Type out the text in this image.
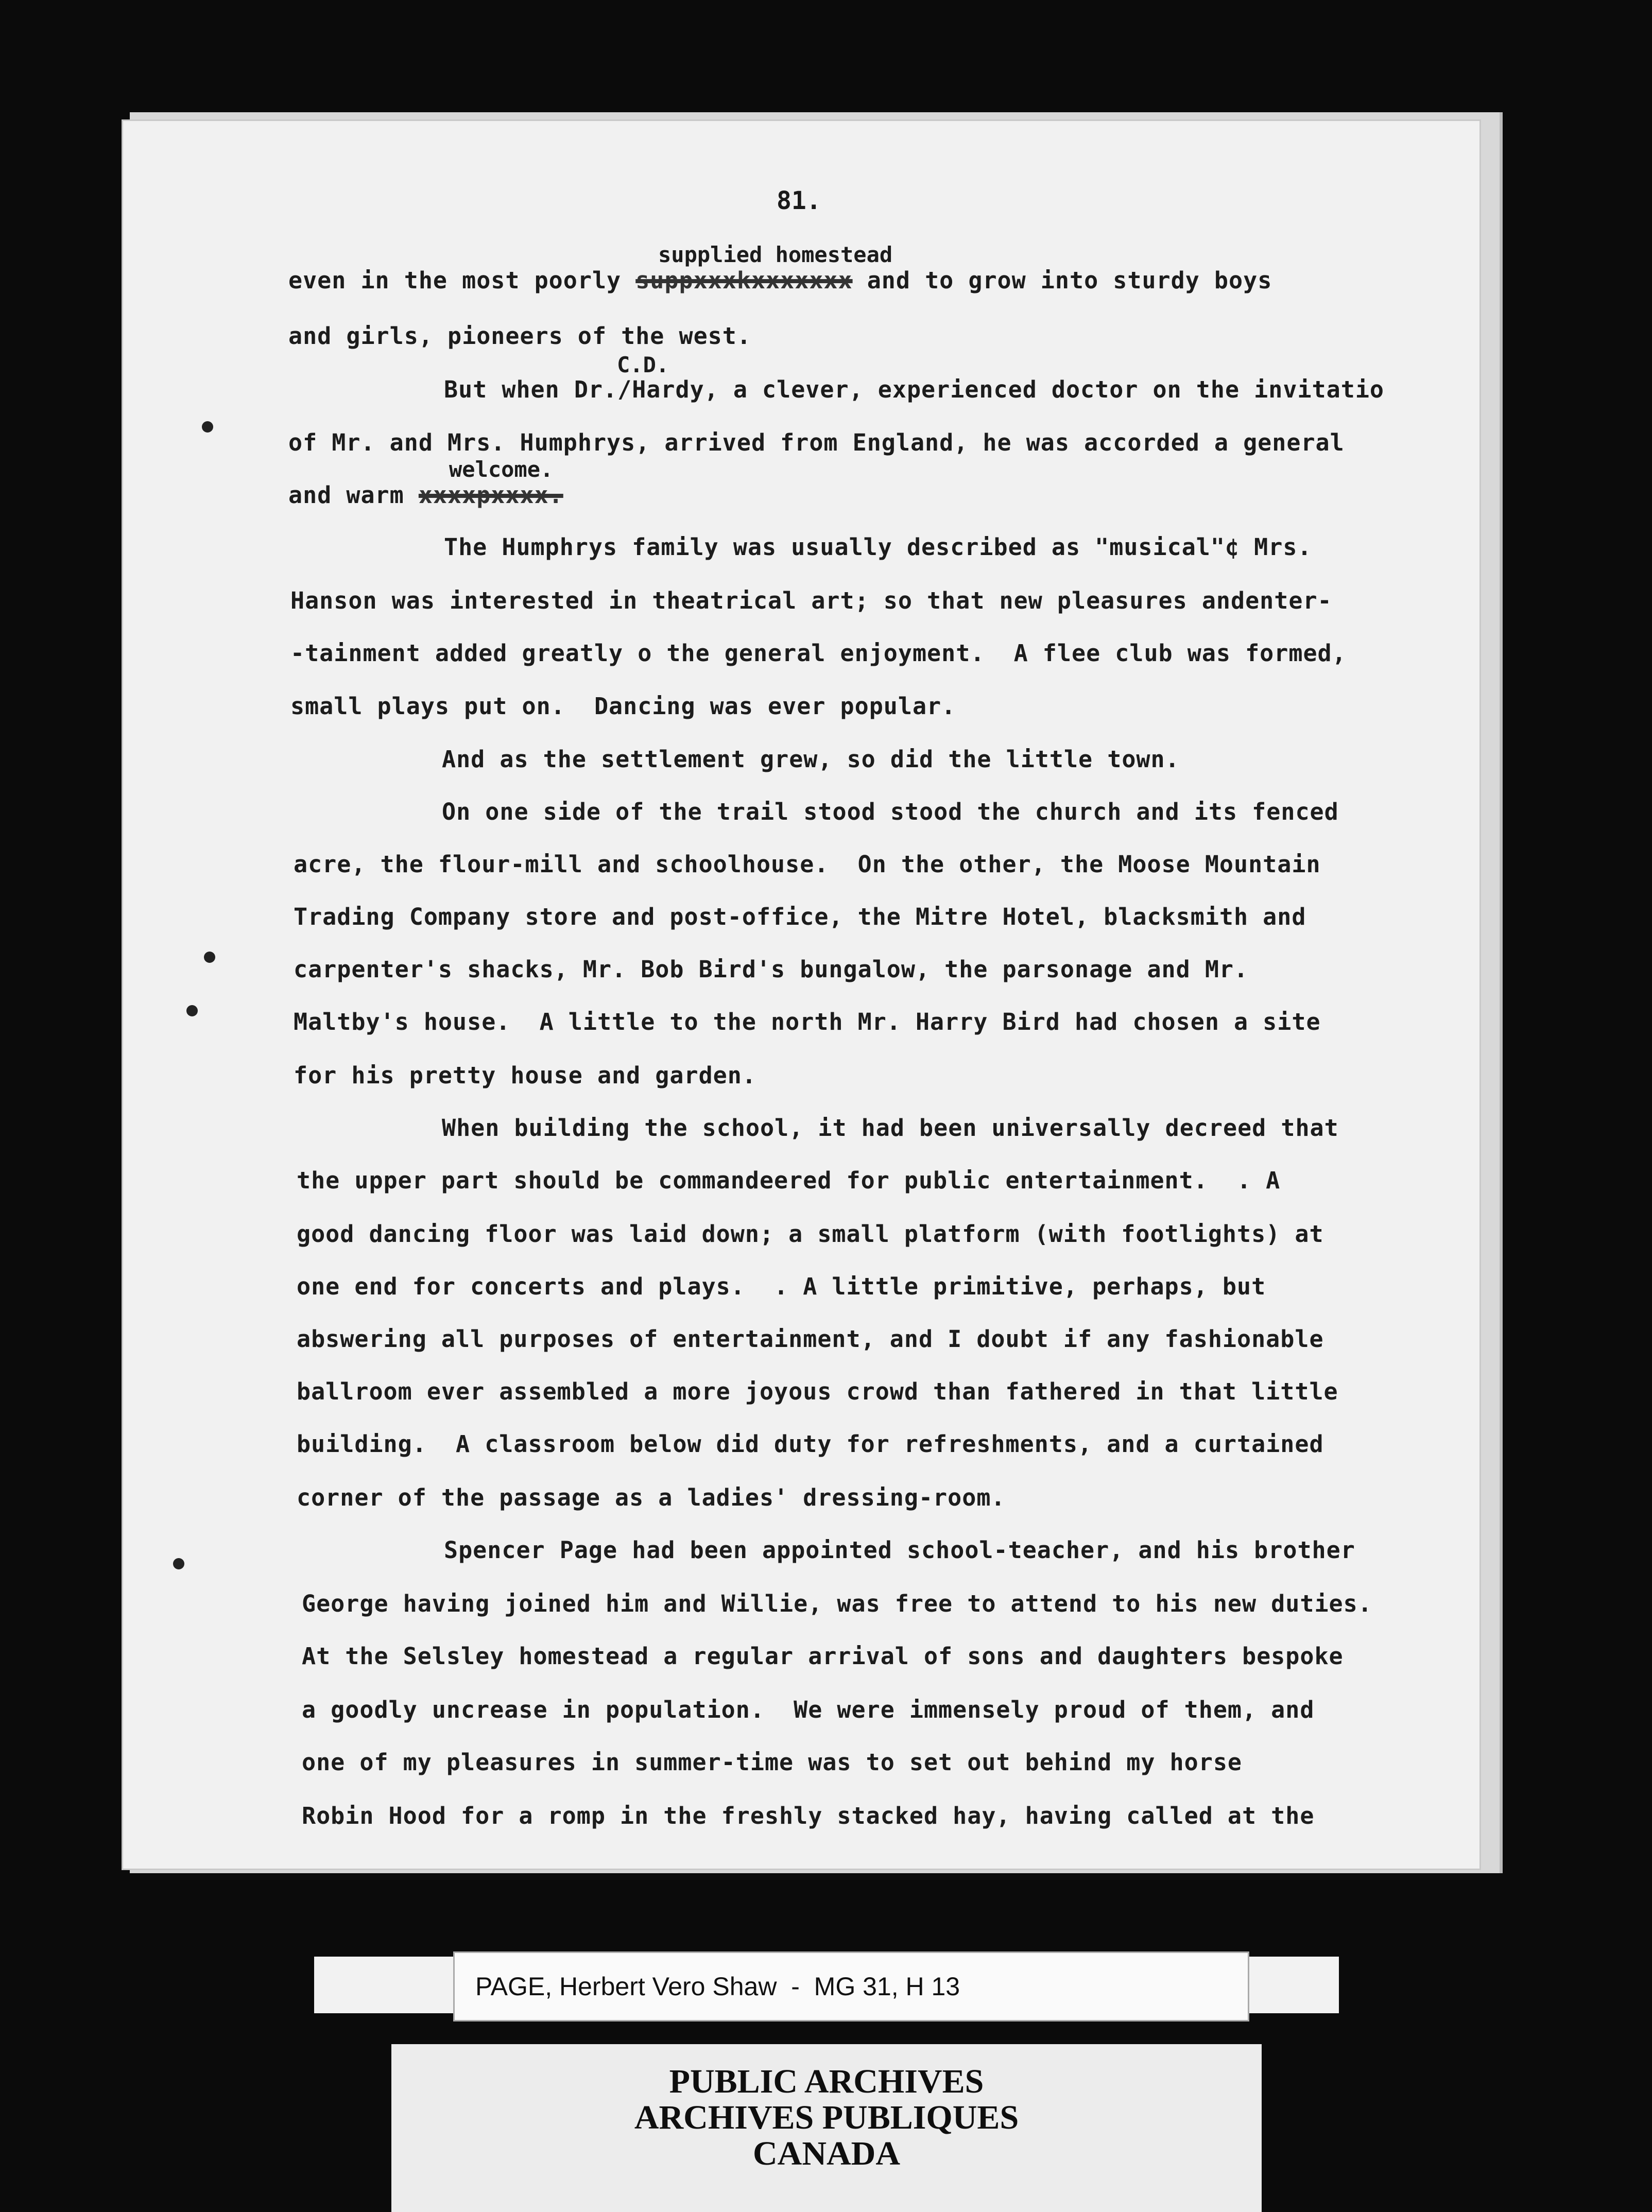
81.
supplied homestead
C.D.
welcome.
even in the most poorly suppxxxkxxxxxxx and to grow into sturdy boys
and girls, pioneers of the west.
But when Dr./Hardy, a clever, experienced doctor on the invitatio
of Mr. and Mrs. Humphrys, arrived from England, he was accorded a general
and warm xxxxpxxxx.
The Humphrys family was usually described as "musical"¢ Mrs.
Hanson was interested in theatrical art; so that new pleasures andenter-
-tainment added greatly o the general enjoyment.  A flee club was formed,
small plays put on.  Dancing was ever popular.
And as the settlement grew, so did the little town.
On one side of the trail stood stood the church and its fenced
acre, the flour-mill and schoolhouse.  On the other, the Moose Mountain
Trading Company store and post-office, the Mitre Hotel, blacksmith and
carpenter's shacks, Mr. Bob Bird's bungalow, the parsonage and Mr.
Maltby's house.  A little to the north Mr. Harry Bird had chosen a site
for his pretty house and garden.
When building the school, it had been universally decreed that
the upper part should be commandeered for public entertainment.  . A
good dancing floor was laid down; a small platform (with footlights) at
one end for concerts and plays.  . A little primitive, perhaps, but
abswering all purposes of entertainment, and I doubt if any fashionable
ballroom ever assembled a more joyous crowd than fathered in that little
building.  A classroom below did duty for refreshments, and a curtained
corner of the passage as a ladies' dressing-room.
Spencer Page had been appointed school-teacher, and his brother
George having joined him and Willie, was free to attend to his new duties.
At the Selsley homestead a regular arrival of sons and daughters bespoke
a goodly uncrease in population.  We were immensely proud of them, and
one of my pleasures in summer-time was to set out behind my horse
Robin Hood for a romp in the freshly stacked hay, having called at the
PAGE, Herbert Vero Shaw  -  MG 31, H 13
PUBLIC ARCHIVES
ARCHIVES PUBLIQUES
CANADA
